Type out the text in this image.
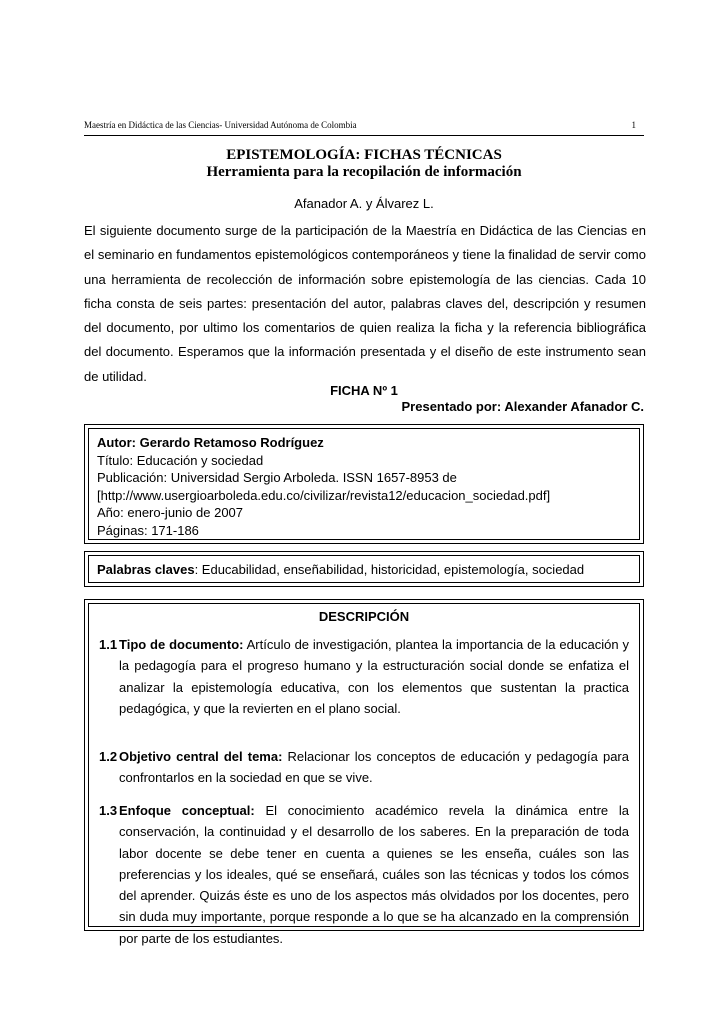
Maestría en Didáctica de las Ciencias- Universidad Autónoma de Colombia	1
EPISTEMOLOGÍA: FICHAS TÉCNICAS
Herramienta para la recopilación de información
Afanador A. y Álvarez L.

El siguiente documento surge de la participación de la Maestría en Didáctica de las Ciencias en el seminario en fundamentos epistemológicos contemporáneos y tiene la finalidad de servir como una herramienta de recolección de información sobre epistemología de las ciencias. Cada 10 ficha consta de seis partes: presentación del autor, palabras claves del, descripción y resumen del documento, por ultimo los comentarios de quien realiza la ficha y la referencia bibliográfica del documento. Esperamos que la información presentada y el diseño de este instrumento sean de utilidad.

FICHA Nº 1
Presentado por: Alexander Afanador C.
Autor: Gerardo Retamoso Rodríguez
Título: Educación y sociedad
Publicación: Universidad Sergio Arboleda. ISSN 1657-8953 de
[http://www.usergioarboleda.edu.co/civilizar/revista12/educacion_sociedad.pdf]
Año: enero-junio de 2007
Páginas: 171-186
Palabras claves: Educabilidad, enseñabilidad, historicidad, epistemología, sociedad
DESCRIPCIÓN
1.1 Tipo de documento: Artículo de investigación, plantea la importancia de la educación y la pedagogía para el progreso humano y la estructuración social donde se enfatiza el analizar la epistemología educativa, con los elementos que sustentan la practica pedagógica, y que la revierten en el plano social.
1.2 Objetivo central del tema: Relacionar los conceptos de educación y pedagogía para confrontarlos en la sociedad en que se vive.
1.3 Enfoque conceptual: El conocimiento académico revela la dinámica entre la conservación, la continuidad y el desarrollo de los saberes. En la preparación de toda labor docente se debe tener en cuenta a quienes se les enseña, cuáles son las preferencias y los ideales, qué se enseñará, cuáles son las técnicas y todos los cómos del aprender. Quizás éste es uno de los aspectos más olvidados por los docentes, pero sin duda muy importante, porque responde a lo que se ha alcanzado en la comprensión por parte de los estudiantes.
